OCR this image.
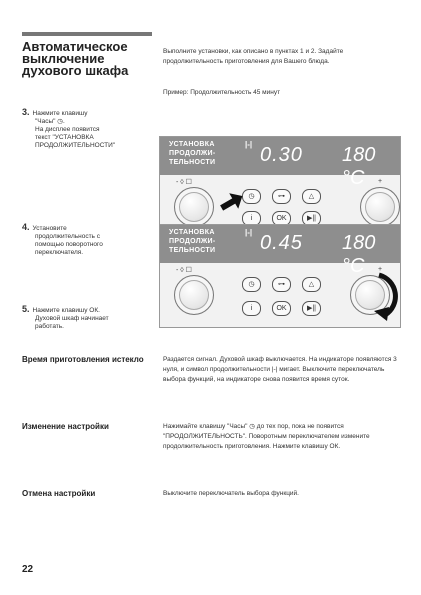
Автоматическое выключение духового шкафа
Выполните установки, как описано в пунктах 1 и 2. Задайте продолжительность приготовления для Вашего блюда.
Пример: Продолжительность 45 минут
3. Нажмите клавишу
"Часы" ◷.
На дисплее появится
текст "УСТАНОВКА
ПРОДОЛЖИТЕЛЬНОСТИ"	УСТАНОВКА
ПРОДОЛЖИ-
ТЕЛЬНОСТИ
|-| 0.30 180 °C
- ◊ ☐	+
◷	⊶	△
i	OK	▶||
4. Установите
продолжительность с
помощью поворотного
переключателя.
УСТАНОВКА
ПРОДОЛЖИ-
ТЕЛЬНОСТИ
|-| 0.45 180 °C
- ◊ ☐	+
◷	⊶	△
i	OK	▶||
5. Нажмите клавишу ОК.
Духовой шкаф начинает
работать.
Время приготовления истекло	Раздается сигнал. Духовой шкаф выключается. На индикаторе появляются 3 нуля, и символ продолжительности |-| мигает. Выключите переключатель выбора функций, на индикаторе снова появится время суток.
Изменение настройки	Нажимайте клавишу "Часы" ◷ до тех пор, пока не появится "ПРОДОЛЖИТЕЛЬНОСТЬ". Поворотным переключателем измените продолжительность приготовления. Нажмите клавишу ОК.
Отмена настройки	Выключите переключатель выбора функций.
22
